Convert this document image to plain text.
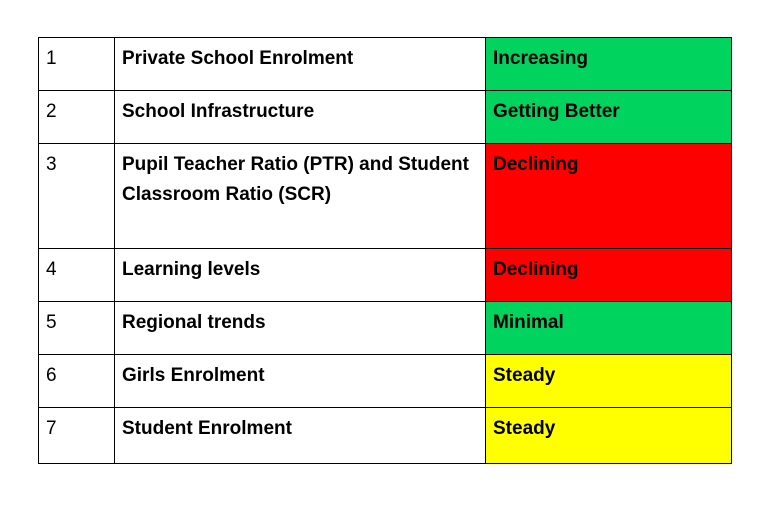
1	Private School Enrolment	Increasing
2	School Infrastructure	Getting Better
3	Pupil Teacher Ratio (PTR) and Student Classroom Ratio (SCR)	Declining
4	Learning levels	Declining
5	Regional trends	Minimal
6	Girls Enrolment	Steady
7	Student Enrolment	Steady
